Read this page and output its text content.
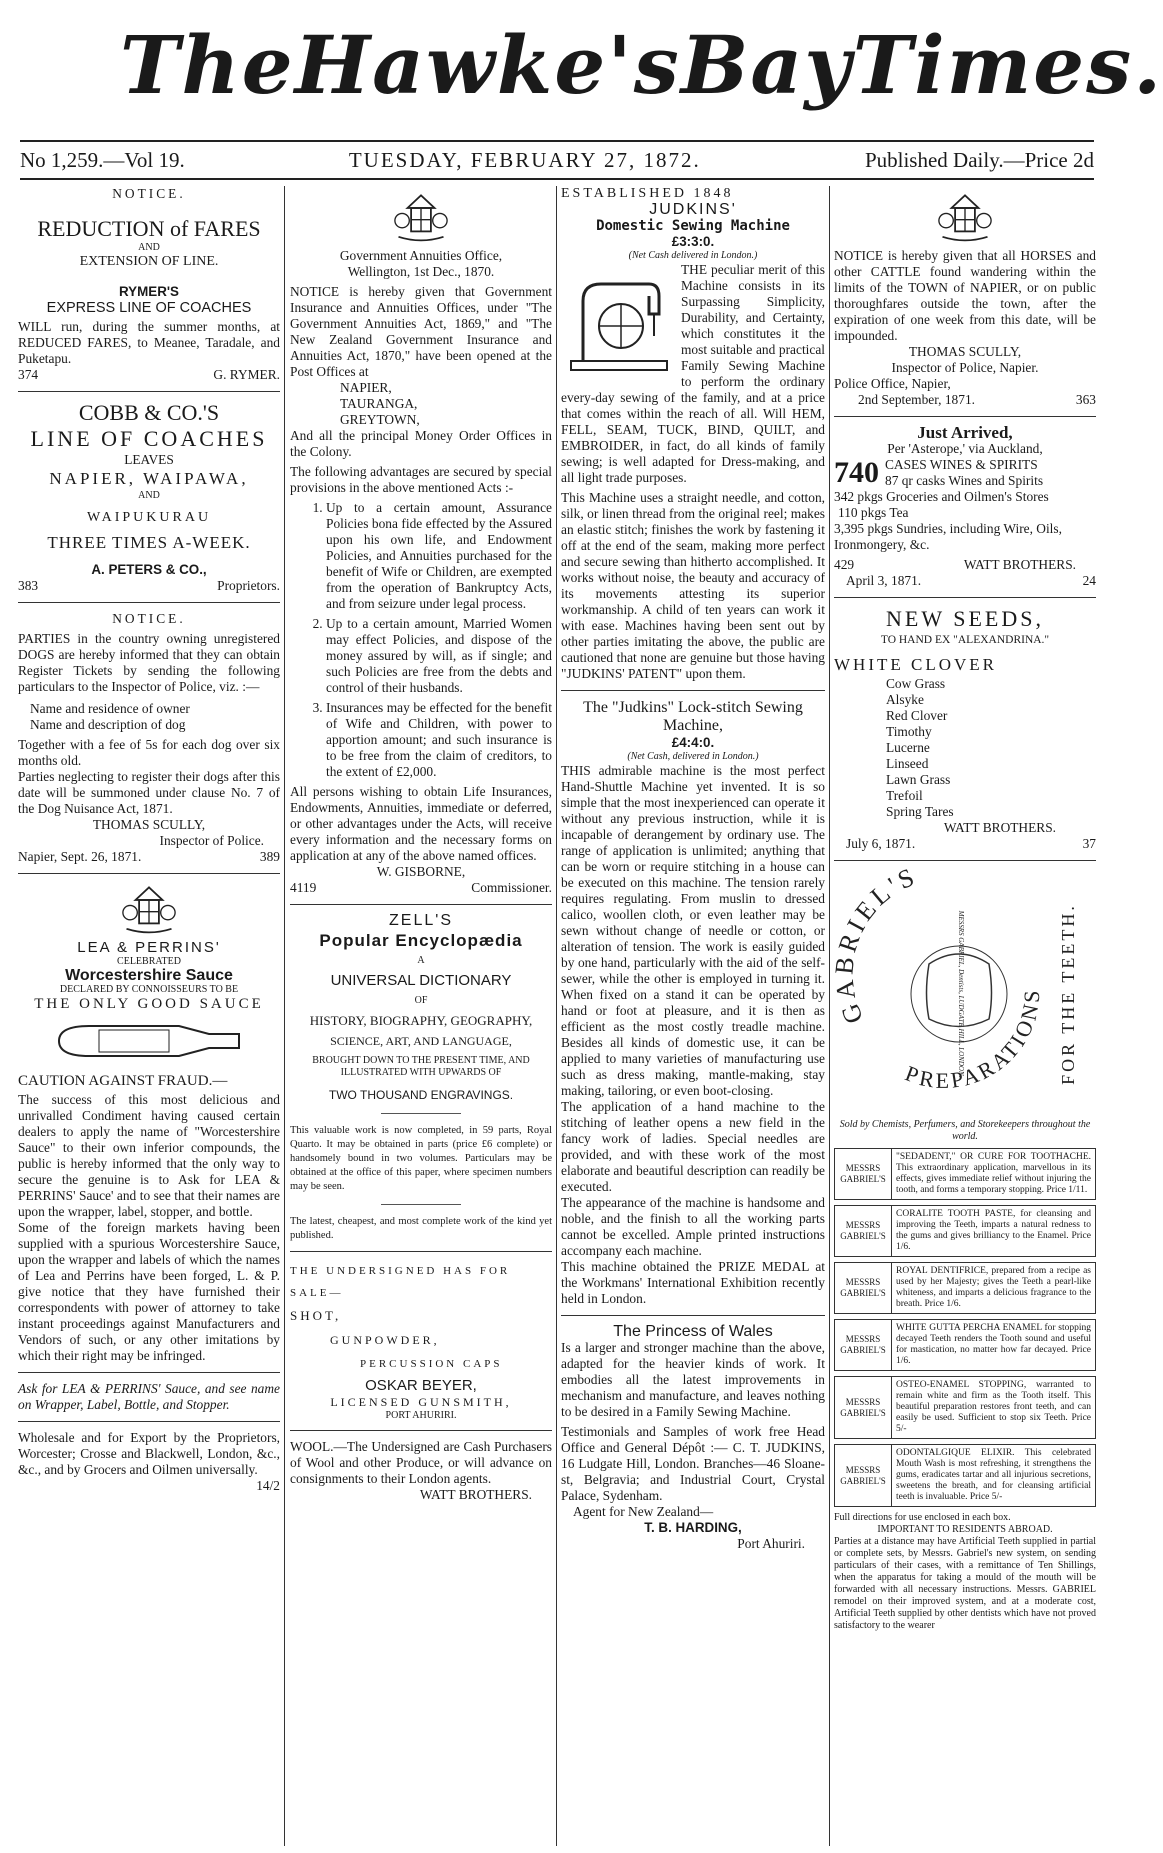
The Hawke's Bay Times.
No 1,259.—Vol 19.	TUESDAY, FEBRUARY 27, 1872.	Published Daily.—Price 2d
NOTICE.
REDUCTION of FARES
AND
EXTENSION OF LINE.
RYMER'S
EXPRESS LINE OF COACHES

WILL run, during the summer months, at REDUCED FARES, to Meanee, Taradale, and Puketapu.

374	G. RYMER.
COBB & CO.'S
LINE OF COACHES
LEAVES
NAPIER, WAIPAWA,
AND
WAIPUKURAU
THREE TIMES A-WEEK.
A. PETERS & CO.,
383	Proprietors.
NOTICE.

PARTIES in the country owning unregistered DOGS are hereby informed that they can obtain Register Tickets by sending the following particulars to the Inspector of Police, viz. :—

Name and residence of owner
Name and description of dog

Together with a fee of 5s for each dog over six months old.

Parties neglecting to register their dogs after this date will be summoned under clause No. 7 of the Dog Nuisance Act, 1871.

THOMAS SCULLY,
Inspector of Police.
Napier, Sept. 26, 1871.	389
LEA & PERRINS'
CELEBRATED
Worcestershire Sauce
DECLARED BY CONNOISSEURS TO BE
THE ONLY GOOD SAUCE
CAUTION AGAINST FRAUD.—

The success of this most delicious and unrivalled Condiment having caused certain dealers to apply the name of "Worcestershire Sauce" to their own inferior compounds, the public is hereby informed that the only way to secure the genuine is to Ask for LEA & PERRINS' Sauce' and to see that their names are upon the wrapper, label, stopper, and bottle.

Some of the foreign markets having been supplied with a spurious Worcestershire Sauce, upon the wrapper and labels of which the names of Lea and Perrins have been forged, L. & P. give notice that they have furnished their correspondents with power of attorney to take instant proceedings against Manufacturers and Vendors of such, or any other imitations by which their right may be infringed.

Ask for LEA & PERRINS' Sauce, and see name on Wrapper, Label, Bottle, and Stopper.

Wholesale and for Export by the Proprietors, Worcester; Crosse and Blackwell, London, &c., &c., and by Grocers and Oilmen universally.

14/2
Government Annuities Office,
Wellington, 1st Dec., 1870.

NOTICE is hereby given that Government Insurance and Annuities Offices, under "The Government Annuities Act, 1869," and "The New Zealand Government Insurance and Annuities Act, 1870," have been opened at the Post Offices at

NAPIER,
TAURANGA,
GREYTOWN,

And all the principal Money Order Offices in the Colony.

The following advantages are secured by special provisions in the above mentioned Acts :-

1. Up to a certain amount, Assurance Policies bona fide effected by the Assured upon his own life, and Endowment Policies, and Annuities purchased for the benefit of Wife or Children, are exempted from the operation of Bankruptcy Acts, and from seizure under legal process.
2. Up to a certain amount, Married Women may effect Policies, and dispose of the money assured by will, as if single; and such Policies are free from the debts and control of their husbands.
3. Insurances may be effected for the benefit of Wife and Children, with power to apportion amount; and such insurance is to be free from the claim of creditors, to the extent of £2,000.

All persons wishing to obtain Life Insurances, Endowments, Annuities, immediate or deferred, or other advantages under the Acts, will receive every information and the necessary forms on application at any of the above named offices.

W. GISBORNE,
4119	Commissioner.
ZELL'S
Popular Encyclopædia
A
UNIVERSAL DICTIONARY
OF
HISTORY, BIOGRAPHY, GEOGRAPHY,
SCIENCE, ART, AND LANGUAGE,
BROUGHT DOWN TO THE PRESENT TIME, AND ILLUSTRATED WITH UPWARDS OF
TWO THOUSAND ENGRAVINGS.

This valuable work is now completed, in 59 parts, Royal Quarto. It may be obtained in parts (price £6 complete) or handsomely bound in two volumes. Particulars may be obtained at the office of this paper, where specimen numbers may be seen.

The latest, cheapest, and most complete work of the kind yet published.

THE UNDERSIGNED HAS FOR SALE—
SHOT,
GUNPOWDER,
PERCUSSION CAPS
OSKAR BEYER,
LICENSED GUNSMITH,
PORT AHURIRI.

WOOL.—The Undersigned are Cash Purchasers of Wool and other Produce, or will advance on consignments to their London agents.

WATT BROTHERS.
ESTABLISHED 1848
JUDKINS'
Domestic Sewing Machine
£3:3:0.
(Net Cash delivered in London.)

THE peculiar merit of this Machine consists in its Surpassing Simplicity, Durability, and Certainty, which constitutes it the most suitable and practical Family Sewing Machine to perform the ordinary every-day sewing of the family, and at a price that comes within the reach of all. Will HEM, FELL, SEAM, TUCK, BIND, QUILT, and EMBROIDER, in fact, do all kinds of family sewing; is well adapted for Dress-making, and all light trade purposes.

This Machine uses a straight needle, and cotton, silk, or linen thread from the original reel; makes an elastic stitch; finishes the work by fastening it off at the end of the seam, making more perfect and secure sewing than hitherto accomplished. It works without noise, the beauty and accuracy of its movements attesting its superior workmanship. A child of ten years can work it with ease. Machines having been sent out by other parties imitating the above, the public are cautioned that none are genuine but those having "JUDKINS' PATENT" upon them.

The "Judkins" Lock-stitch Sewing Machine,
£4:4:0.
(Net Cash, delivered in London.)

THIS admirable machine is the most perfect Hand-Shuttle Machine yet invented. It is so simple that the most inexperienced can operate it without any previous instruction, while it is incapable of derangement by ordinary use. The range of application is unlimited; anything that can be worn or require stitching in a house can be executed on this machine. The tension rarely requires regulating. From muslin to dressed calico, woollen cloth, or even leather may be sewn without change of needle or cotton, or alteration of tension. The work is easily guided by one hand, particularly with the aid of the self-sewer, while the other is employed in turning it. When fixed on a stand it can be operated by hand or foot at pleasure, and it is then as efficient as the most costly treadle machine. Besides all kinds of domestic use, it can be applied to many varieties of manufacturing use such as dress making, mantle-making, stay making, tailoring, or even boot-closing.

The application of a hand machine to the stitching of leather opens a new field in the fancy work of ladies. Special needles are provided, and with these work of the most elaborate and beautiful description can readily be executed.

The appearance of the machine is handsome and noble, and the finish to all the working parts cannot be excelled. Ample printed instructions accompany each machine.

This machine obtained the PRIZE MEDAL at the Workmans' International Exhibition recently held in London.

The Princess of Wales

Is a larger and stronger machine than the above, adapted for the heavier kinds of work. It embodies all the latest improvements in mechanism and manufacture, and leaves nothing to be desired in a Family Sewing Machine.

Testimonials and Samples of work free Head Office and General Dépôt :— C. T. JUDKINS, 16 Ludgate Hill, London. Branches—46 Sloane-st, Belgravia; and Industrial Court, Crystal Palace, Sydenham.

Agent for New Zealand—
T. B. HARDING,
Port Ahuriri.

NOTICE is hereby given that all HORSES and other CATTLE found wandering within the limits of the TOWN of NAPIER, or on public thoroughfares outside the town, after the expiration of one week from this date, will be impounded.

THOMAS SCULLY,
Inspector of Police, Napier.
Police Office, Napier,
2nd September, 1871.	363
Just Arrived,
Per 'Asterope,' via Auckland,
740 CASES WINES & SPIRITS
87 qr casks Wines and Spirits
342 pkgs Groceries and Oilmen's Stores
110 pkgs Tea
3,395 pkgs Sundries, including Wire, Oils, Ironmongery, &c.
429	WATT BROTHERS.
April 3, 1871.	24
NEW SEEDS,
TO HAND EX "ALEXANDRINA."
WHITE CLOVER
Cow Grass
Alsyke
Red Clover
Timothy
Lucerne
Linseed
Lawn Grass
Trefoil
Spring Tares
WATT BROTHERS.
July 6, 1871.	37
G RIEL'S
PREPARATIONS
MESSRS GABRIEL, Dentists, LUDGATE HILL, LONDON.	FOR THE TEETH.
Sold by Chemists, Perfumers, and Storekeepers throughout the world.
MESSRS GABRIEL'S
"SEDADENT," OR CURE FOR TOOTHACHE. This extraordinary application, marvellous in its effects, gives immediate relief without injuring the tooth, and forms a temporary stopping. Price 1/11.
MESSRS GABRIEL'S
CORALITE TOOTH PASTE, for cleansing and improving the Teeth, imparts a natural redness to the gums and gives brilliancy to the Enamel. Price 1/6.
MESSRS GABRIEL'S
ROYAL DENTIFRICE, prepared from a recipe as used by her Majesty; gives the Teeth a pearl-like whiteness, and imparts a delicious fragrance to the breath. Price 1/6.
MESSRS GABRIEL'S
WHITE GUTTA PERCHA ENAMEL for stopping decayed Teeth renders the Tooth sound and useful for mastication, no matter how far decayed. Price 1/6.
MESSRS GABRIEL'S
OSTEO-ENAMEL STOPPING, warranted to remain white and firm as the Tooth itself. This beautiful preparation restores front teeth, and can easily be used. Sufficient to stop six Teeth. Price 5/-
MESSRS GABRIEL'S
ODONTALGIQUE ELIXIR. This celebrated Mouth Wash is most refreshing, it strengthens the gums, eradicates tartar and all injurious secretions, sweetens the breath, and for cleansing artificial teeth is invaluable. Price 5/-
Full directions for use enclosed in each box.
IMPORTANT TO RESIDENTS ABROAD.

Parties at a distance may have Artificial Teeth supplied in partial or complete sets, by Messrs. Gabriel's new system, on sending particulars of their cases, with a remittance of Ten Shillings, when the apparatus for taking a mould of the mouth will be forwarded with all necessary instructions. Messrs. GABRIEL remodel on their improved system, and at a moderate cost, Artificial Teeth supplied by other dentists which have not proved satisfactory to the wearer
